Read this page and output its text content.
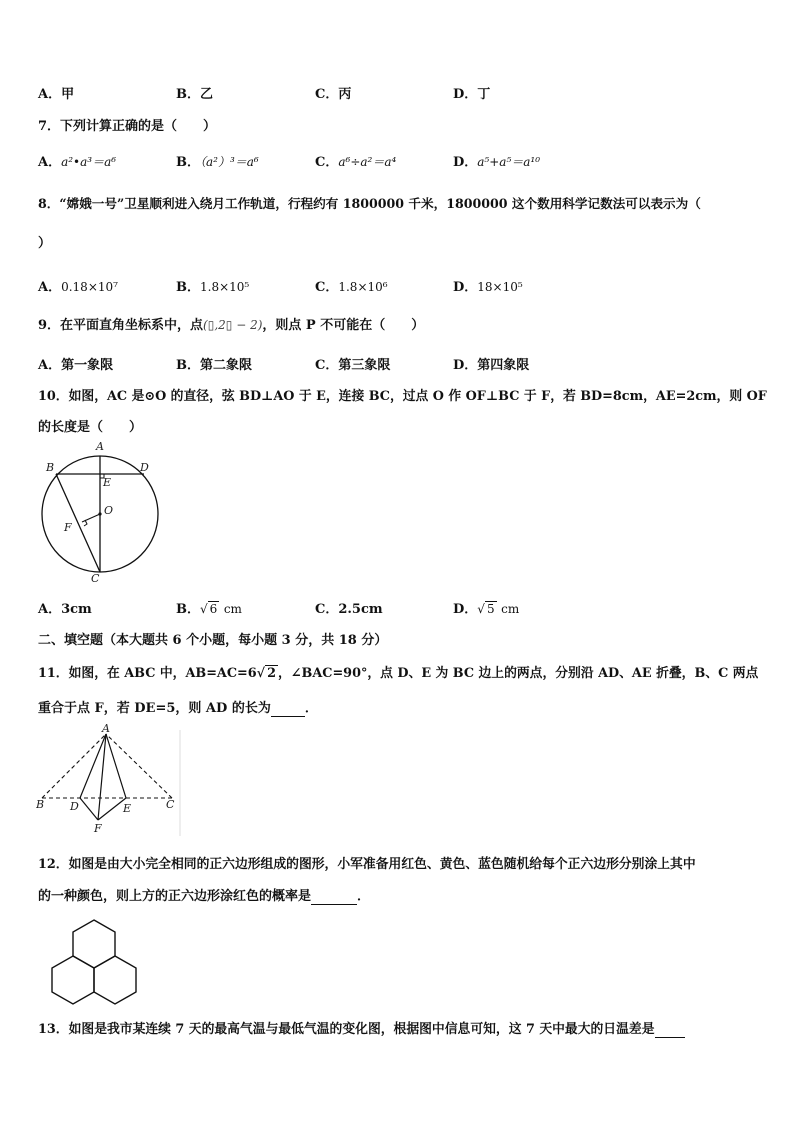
A．甲	B．乙	C．丙	D．丁
7．下列计算正确的是（　　）
A．a²•a³＝a⁶	B．（a²）³＝a⁶	C．a⁶÷a²＝a⁴	D．a⁵+a⁵＝a¹⁰
8．“嫦娥一号”卫星顺利进入绕月工作轨道，行程约有 1800000 千米，1800000 这个数用科学记数法可以表示为（
）
A．0.18×10⁷	B．1.8×10⁵	C．1.8×10⁶	D．18×10⁵
9．在平面直角坐标系中，点(▯,2▯ − 2)，则点 P 不可能在（　　）
A．第一象限	B．第二象限	C．第三象限	D．第四象限
10．如图，AC 是⊙O 的直径，弦 BD⊥AO 于 E，连接 BC，过点 O 作 OF⊥BC 于 F，若 BD=8cm，AE=2cm，则 OF
的长度是（　　）
A
B	D
E
O
F
C
A．3cm	B．√ 6 cm	C．2.5cm	D．√ 5 cm
二、填空题（本大题共 6 个小题，每小题 3 分，共 18 分）
11．如图，在 ABC 中，AB=AC=6√ 2 ，∠BAC=90°，点 D、E 为 BC 边上的两点，分别沿 AD、AE 折叠，B、C 两点
重合于点 F，若 DE=5，则 AD 的长为	．
A
B	C
D	E
F
12．如图是由大小完全相同的正六边形组成的图形，小军准备用红色、黄色、蓝色随机给每个正六边形分别涂上其中
的一种颜色，则上方的正六边形涂红色的概率是	．
13．如图是我市某连续 7 天的最高气温与最低气温的变化图，根据图中信息可知，这 7 天中最大的日温差是
